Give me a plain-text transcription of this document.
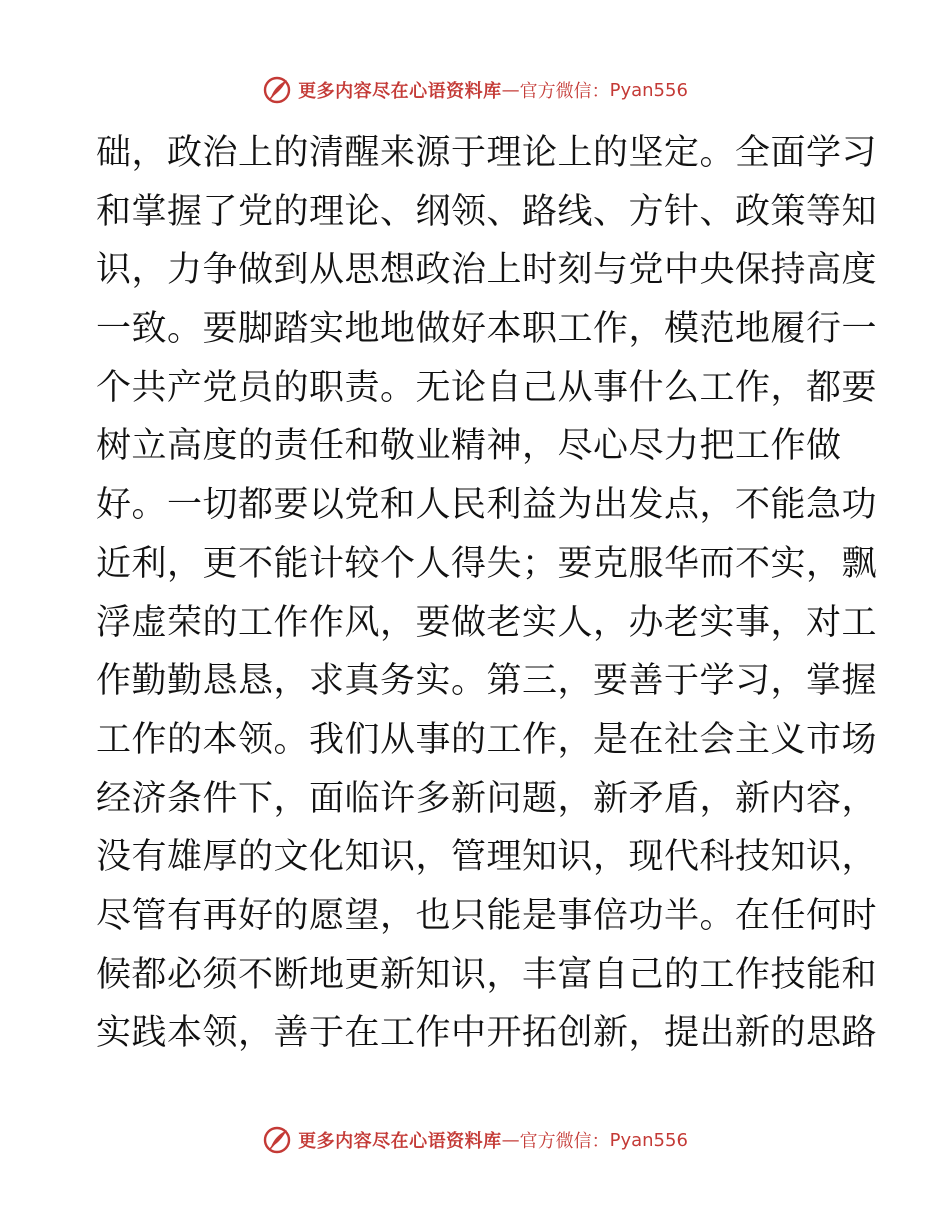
更多内容尽在心语资料库 — 官方微信： Pyan556
础，政治上的清醒来源于理论上的坚定。全面学习
和掌握了党的理论、纲领、路线、方针、政策等知
识，力争做到从思想政治上时刻与党中央保持高度
一致。要脚踏实地地做好本职工作，模范地履行一
个共产党员的职责。无论自己从事什么工作，都要
树立高度的责任和敬业精神，尽心尽力把工作做
好。一切都要以党和人民利益为出发点，不能急功
近利，更不能计较个人得失；要克服华而不实，飘
浮虚荣的工作作风，要做老实人，办老实事，对工
作勤勤恳恳，求真务实。第三，要善于学习，掌握
工作的本领。我们从事的工作，是在社会主义市场
经济条件下，面临许多新问题，新矛盾，新内容，
没有雄厚的文化知识，管理知识，现代科技知识，
尽管有再好的愿望，也只能是事倍功半。在任何时
候都必须不断地更新知识，丰富自己的工作技能和
实践本领，善于在工作中开拓创新，提出新的思路
更多内容尽在心语资料库 — 官方微信： Pyan556
